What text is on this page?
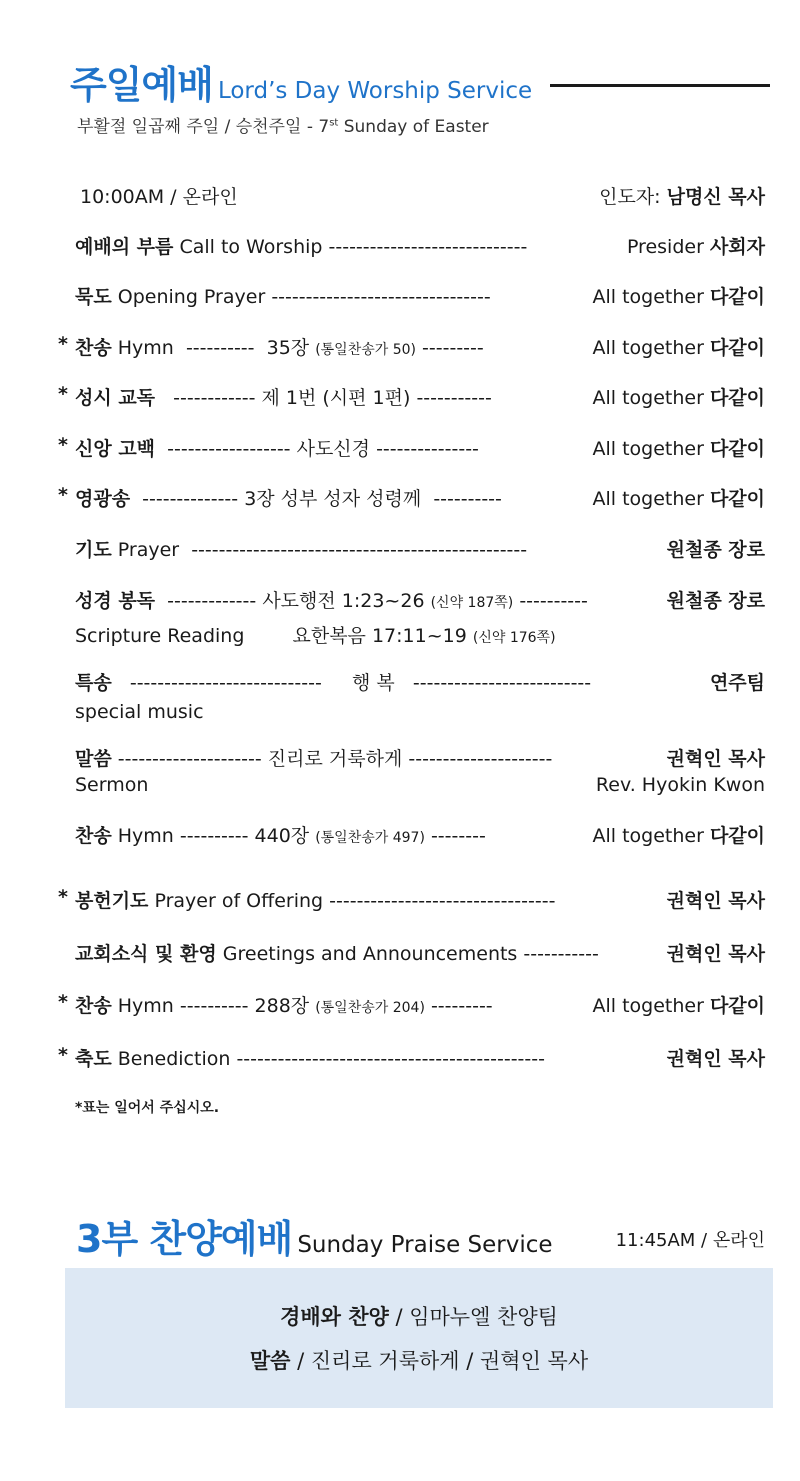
주일예배 Lord’s Day Worship Service
부활절 일곱째 주일 / 승천주일 - 7st Sunday of Easter
10:00AM / 온라인	인도자: 남명신 목사
예배의 부름 Call to Worship -----------------------------	Presider 사회자
묵도 Opening Prayer --------------------------------	All together 다같이
* 찬송 Hymn ---------- 35장 (통일찬송가 50) ---------	All together 다같이
* 성시 교독 ------------ 제 1번 (시편 1편) -----------	All together 다같이
* 신앙 고백 ------------------ 사도신경 ---------------	All together 다같이
* 영광송 -------------- 3장 성부 성자 성령께 ----------	All together 다같이
기도 Prayer -------------------------------------------------	원철종 장로
성경 봉독 ------------- 사도행전 1:23~26 (신약 187쪽) ----------	원철종 장로
Scripture Reading	요한복음 17:11~19 (신약 176쪽)
특송 ---------------------------- 행 복 --------------------------	연주팀
special music
말씀 --------------------- 진리로 거룩하게 ---------------------	권혁인 목사
Sermon	Rev. Hyokin Kwon
찬송 Hymn ---------- 440장 (통일찬송가 497) --------	All together 다같이
* 봉헌기도 Prayer of Offering ---------------------------------	권혁인 목사
교회소식 및 환영 Greetings and Announcements -----------	권혁인 목사
* 찬송 Hymn ---------- 288장 (통일찬송가 204) ---------	All together 다같이
* 축도 Benediction ---------------------------------------------	권혁인 목사
*표는 일어서 주십시오.
3부 찬양예배 Sunday Praise Service	11:45AM / 온라인
경배와 찬양 / 임마누엘 찬양팀
말씀 / 진리로 거룩하게 / 권혁인 목사
